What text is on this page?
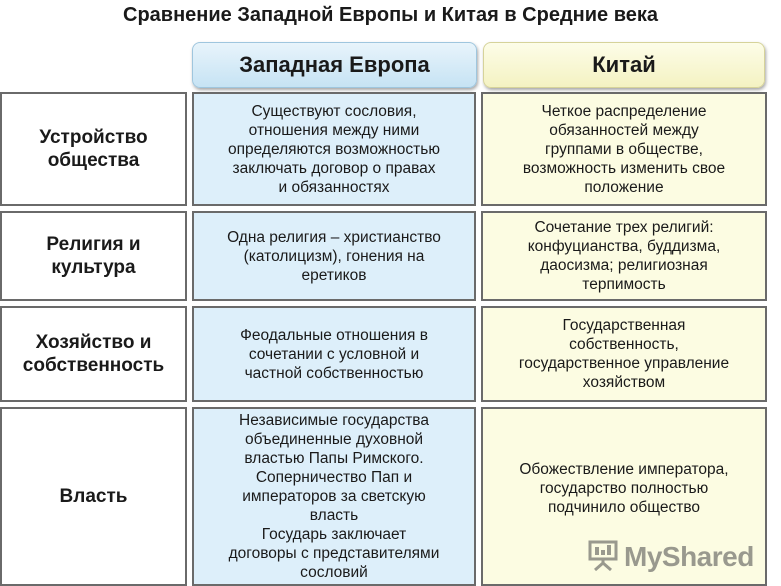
Сравнение Западной Европы и Китая в Средние века
Западная Европа	Китай
Устройство
общества
Существуют сословия,
отношения между ними
определяются возможностью
заключать договор о правах
и обязанностях
Четкое распределение
обязанностей между
группами в обществе,
возможность изменить свое
положение
Религия и
культура
Одна религия – христианство
(католицизм), гонения на
еретиков
Сочетание трех религий:
конфуцианства, буддизма,
даосизма; религиозная
терпимость
Хозяйство и
собственность
Феодальные отношения в
сочетании с условной и
частной собственностью
Государственная
собственность,
государственное управление
хозяйством
Власть
Независимые государства
объединенные духовной
властью Папы Римского.
Соперничество Пап и
императоров за светскую
власть
Государь заключает
договоры с представителями
сословий
Обожествление императора,
государство полностью
подчинило общество
MyShared
